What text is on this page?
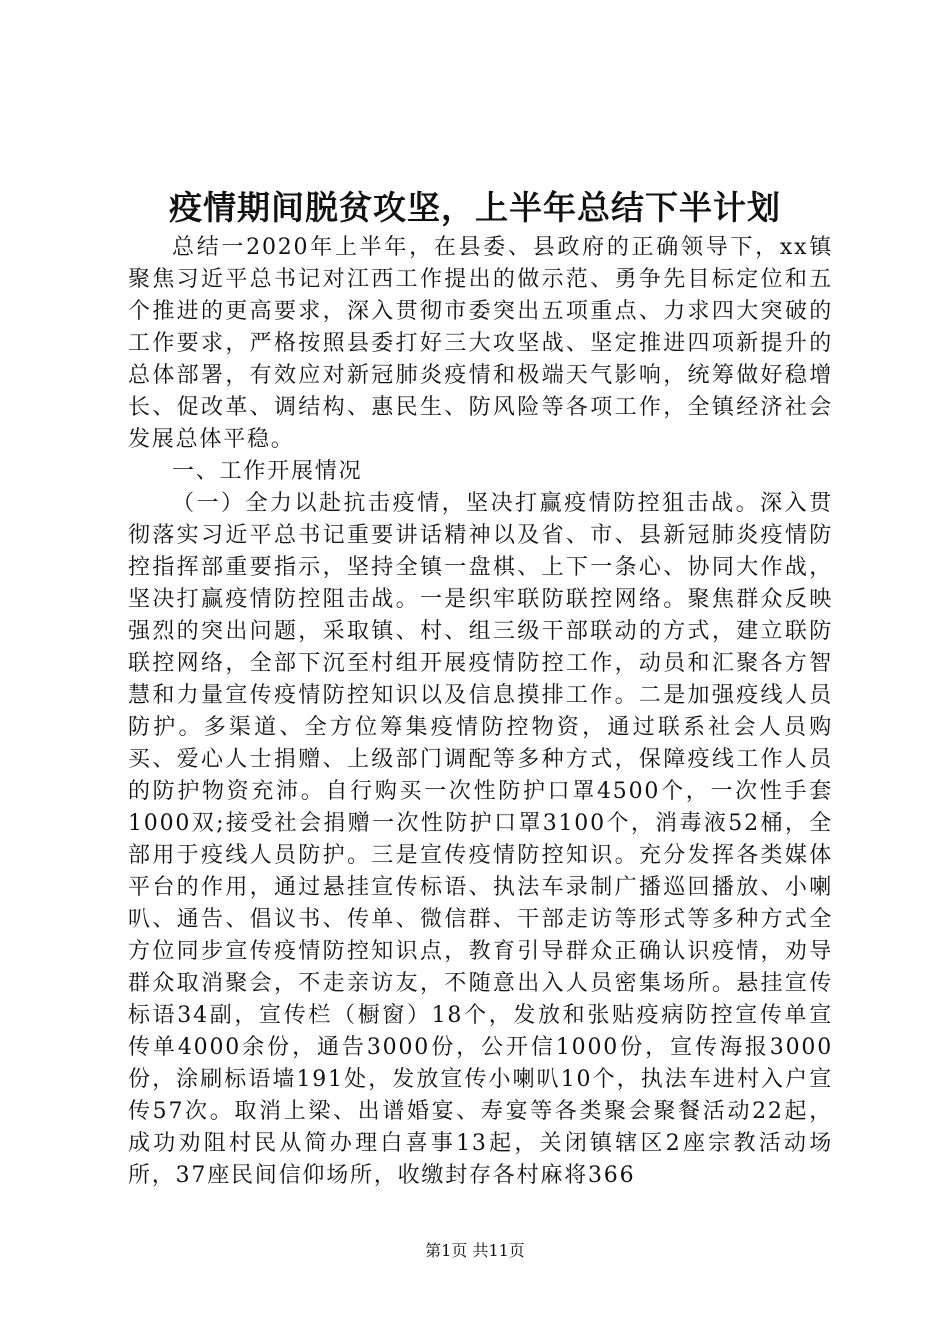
疫情期间脱贫攻坚，上半年总结下半计划

总结一2020年上半年，在县委、县政府的正确领导下，xx镇聚焦习近平总书记对江西工作提出的做示范、勇争先目标定位和五个推进的更高要求，深入贯彻市委突出五项重点、力求四大突破的工作要求，严格按照县委打好三大攻坚战、坚定推进四项新提升的总体部署，有效应对新冠肺炎疫情和极端天气影响，统筹做好稳增长、促改革、调结构、惠民生、防风险等各项工作，全镇经济社会发展总体平稳。

一、工作开展情况

（一）全力以赴抗击疫情，坚决打赢疫情防控狙击战。深入贯彻落实习近平总书记重要讲话精神以及省、市、县新冠肺炎疫情防控指挥部重要指示，坚持全镇一盘棋、上下一条心、协同大作战，坚决打赢疫情防控阻击战。一是织牢联防联控网络。聚焦群众反映强烈的突出问题，采取镇、村、组三级干部联动的方式，建立联防联控网络，全部下沉至村组开展疫情防控工作，动员和汇聚各方智慧和力量宣传疫情防控知识以及信息摸排工作。二是加强疫线人员防护。多渠道、全方位筹集疫情防控物资，通过联系社会人员购买、爱心人士捐赠、上级部门调配等多种方式，保障疫线工作人员的防护物资充沛。自行购买一次性防护口罩4500个，一次性手套1000双;接受社会捐赠一次性防护口罩3100个，消毒液52桶，全部用于疫线人员防护。三是宣传疫情防控知识。充分发挥各类媒体平台的作用，通过悬挂宣传标语、执法车录制广播巡回播放、小喇叭、通告、倡议书、传单、微信群、干部走访等形式等多种方式全方位同步宣传疫情防控知识点，教育引导群众正确认识疫情，劝导群众取消聚会，不走亲访友，不随意出入人员密集场所。悬挂宣传标语34副，宣传栏（橱窗）18个，发放和张贴疫病防控宣传单宣传单4000余份，通告3000份，公开信1000份，宣传海报3000份，涂刷标语墙191处，发放宣传小喇叭10个，执法车进村入户宣传57次。取消上梁、出谱婚宴、寿宴等各类聚会聚餐活动22起，成功劝阻村民从简办理白喜事13起，关闭镇辖区2座宗教活动场所，37座民间信仰场所，收缴封存各村麻将366

第1页 共11页
